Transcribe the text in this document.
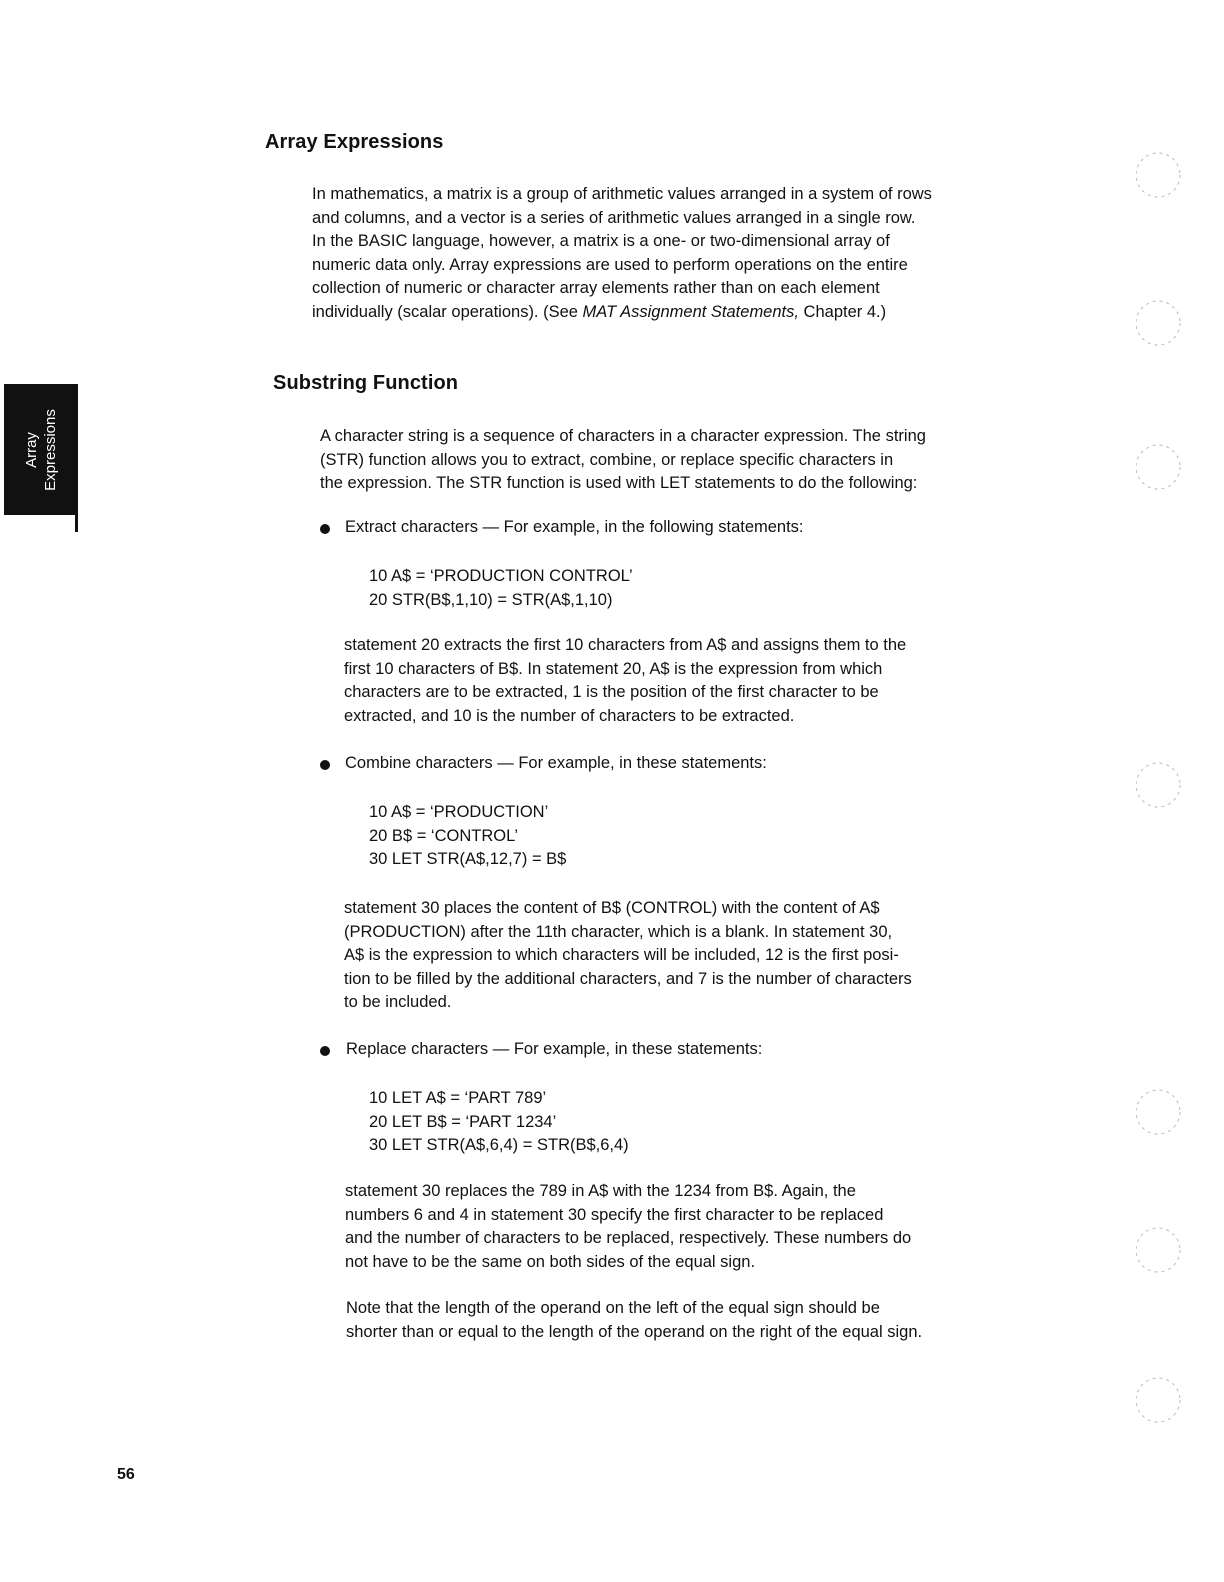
Array Expressions
Array Expressions
In mathematics, a matrix is a group of arithmetic values arranged in a system of rows
and columns, and a vector is a series of arithmetic values arranged in a single row.
In the BASIC language, however, a matrix is a one- or two-dimensional array of
numeric data only. Array expressions are used to perform operations on the entire
collection of numeric or character array elements rather than on each element
individually (scalar operations). (See MAT Assignment Statements, Chapter 4.)
Substring Function
A character string is a sequence of characters in a character expression. The string
(STR) function allows you to extract, combine, or replace specific characters in
the expression. The STR function is used with LET statements to do the following:
Extract characters — For example, in the following statements:
10 A$ = ‘PRODUCTION CONTROL’
20 STR(B$,1,10) = STR(A$,1,10)
statement 20 extracts the first 10 characters from A$ and assigns them to the
first 10 characters of B$. In statement 20, A$ is the expression from which
characters are to be extracted, 1 is the position of the first character to be
extracted, and 10 is the number of characters to be extracted.
Combine characters — For example, in these statements:
10 A$ = ‘PRODUCTION’
20 B$ = ‘CONTROL’
30 LET STR(A$,12,7) = B$
statement 30 places the content of B$ (CONTROL) with the content of A$
(PRODUCTION) after the 11th character, which is a blank. In statement 30,
A$ is the expression to which characters will be included, 12 is the first posi-
tion to be filled by the additional characters, and 7 is the number of characters
to be included.
Replace characters — For example, in these statements:
10 LET A$ = ‘PART 789’
20 LET B$ = ‘PART 1234’
30 LET STR(A$,6,4) = STR(B$,6,4)
statement 30 replaces the 789 in A$ with the 1234 from B$. Again, the
numbers 6 and 4 in statement 30 specify the first character to be replaced
and the number of characters to be replaced, respectively. These numbers do
not have to be the same on both sides of the equal sign.
Note that the length of the operand on the left of the equal sign should be
shorter than or equal to the length of the operand on the right of the equal sign.
56
